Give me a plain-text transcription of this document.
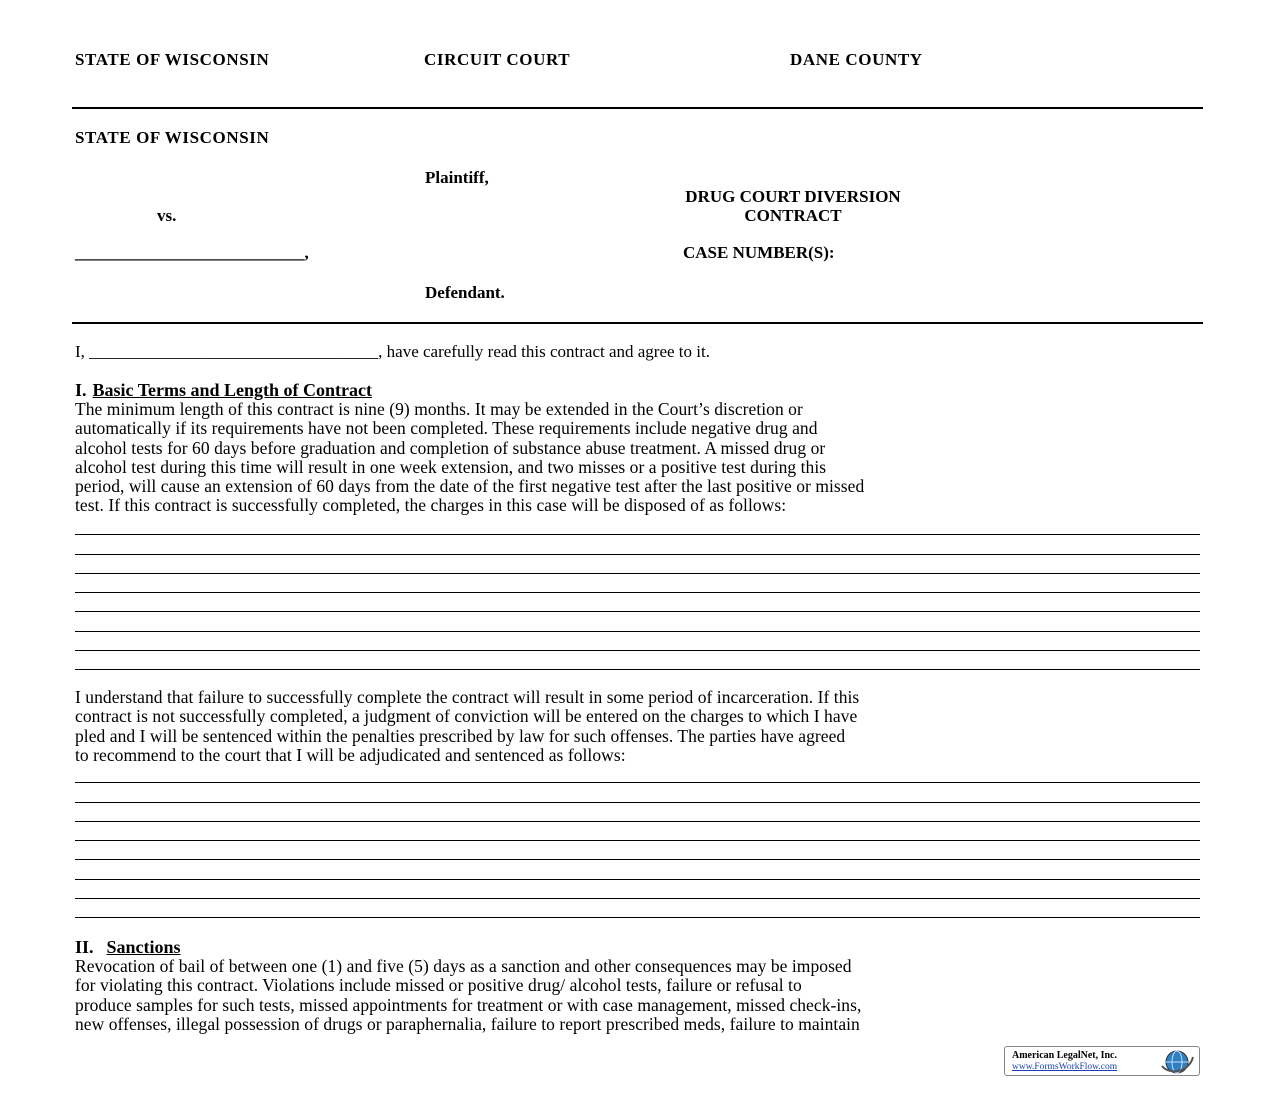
STATE OF WISCONSIN	CIRCUIT COURT	DANE COUNTY
STATE OF WISCONSIN
Plaintiff,
vs.
___________________________,
Defendant.
DRUG COURT DIVERSION
CONTRACT
CASE NUMBER(S):
I, __________________________________, have carefully read this contract and agree to it.
I. Basic Terms and Length of Contract
The minimum length of this contract is nine (9) months. It may be extended in the Court’s discretion or
automatically if its requirements have not been completed. These requirements include negative drug and
alcohol tests for 60 days before graduation and completion of substance abuse treatment. A missed drug or
alcohol test during this time will result in one week extension, and two misses or a positive test during this
period, will cause an extension of 60 days from the date of the first negative test after the last positive or missed
test. If this contract is successfully completed, the charges in this case will be disposed of as follows:
I understand that failure to successfully complete the contract will result in some period of incarceration. If this
contract is not successfully completed, a judgment of conviction will be entered on the charges to which I have
pled and I will be sentenced within the penalties prescribed by law for such offenses. The parties have agreed
to recommend to the court that I will be adjudicated and sentenced as follows:
II. Sanctions
Revocation of bail of between one (1) and five (5) days as a sanction and other consequences may be imposed
for violating this contract. Violations include missed or positive drug/ alcohol tests, failure or refusal to
produce samples for such tests, missed appointments for treatment or with case management, missed check-ins,
new offenses, illegal possession of drugs or paraphernalia, failure to report prescribed meds, failure to maintain
American LegalNet, Inc.
www.FormsWorkFlow.com
